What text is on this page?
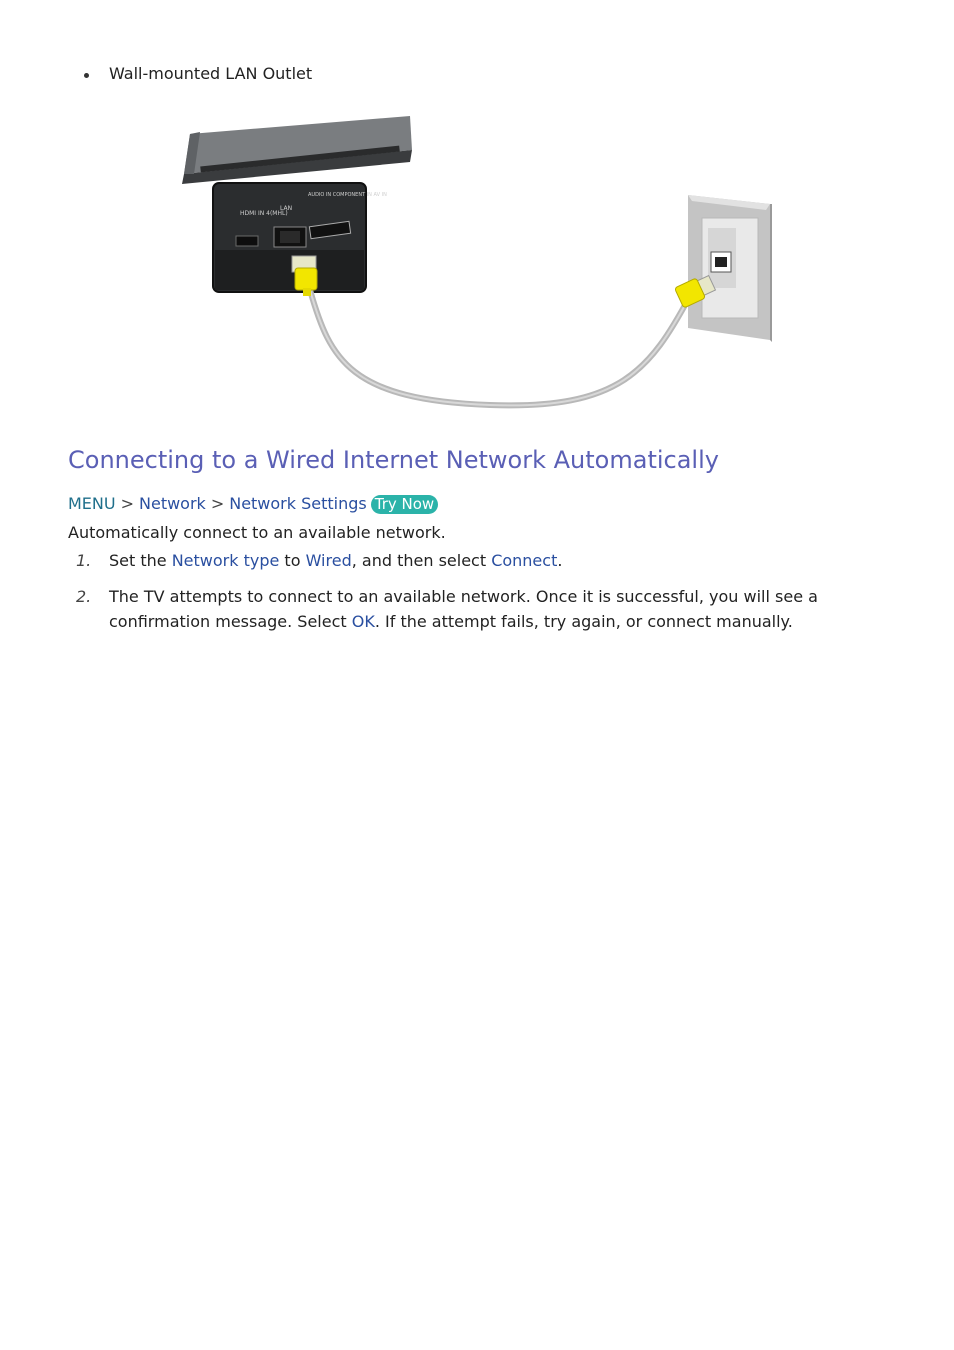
Wall-mounted LAN Outlet
HDMI IN 4(MHL)
LAN
AUDIO IN COMPONENT IN AV IN
Connecting to a Wired Internet Network Automatically
MENU > Network > Network Settings Try Now
Automatically connect to an available network.
1. Set the Network type to Wired, and then select Connect.
2. The TV attempts to connect to an available network. Once it is successful, you will see a confirmation message. Select OK. If the attempt fails, try again, or connect manually.
